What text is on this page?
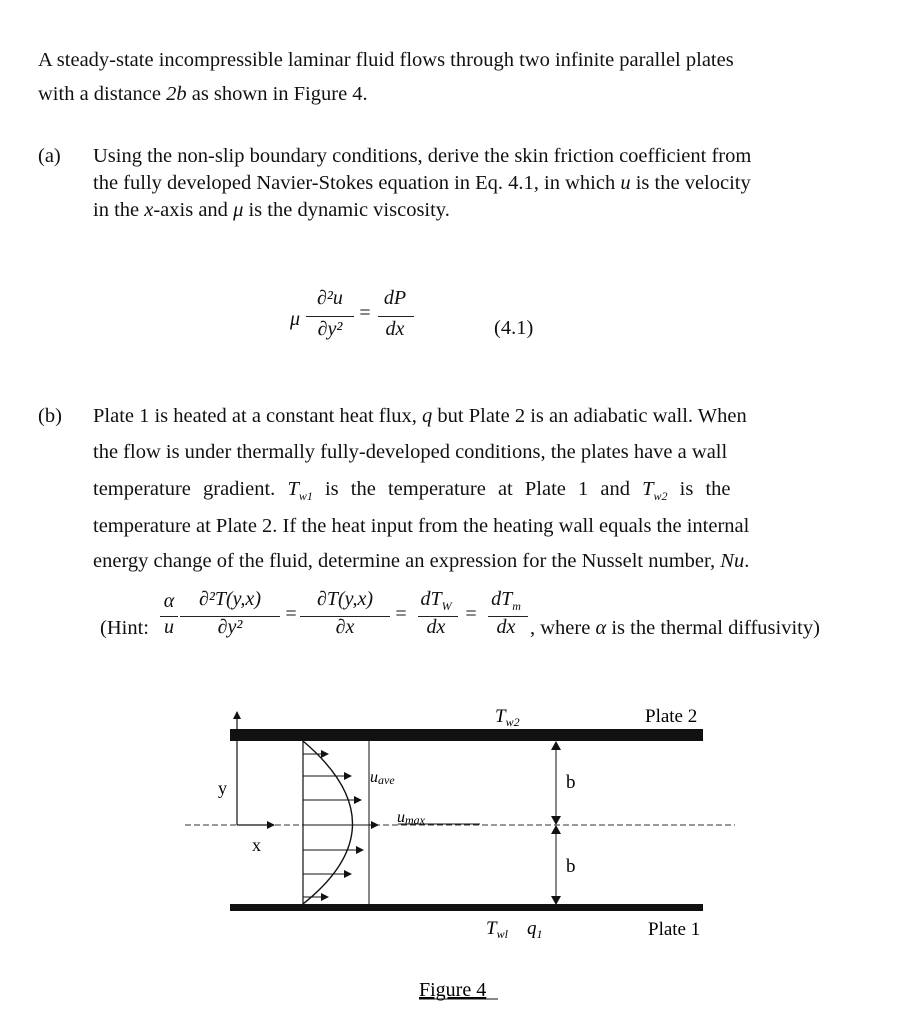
A steady-state incompressible laminar fluid flows through two infinite parallel plates
with a distance 2b as shown in Figure 4.
(a) Using the non-slip boundary conditions, derive the skin friction coefficient from
the fully developed Navier-Stokes equation in Eq. 4.1, in which u is the velocity
in the x-axis and μ is the dynamic viscosity.
μ
∂²u
∂y²
=
dP
dx	(4.1)
(b) Plate 1 is heated at a constant heat flux, q but Plate 2 is an adiabatic wall. When
the flow is under thermally fully-developed conditions, the plates have a wall
temperature gradient. $T_{w1}$ is the temperature at Plate 1 and $T_{w2}$ is the
temperature at Plate 2. If the heat input from the heating wall equals the internal
energy change of the fluid, determine an expression for the Nusselt number, Nu.
(Hint:
α
u
∂²T(y,x)
∂y²
=
∂T(y,x)
∂x
=
$dT_W$
dx
=
$dT_m$
dx , where α is the thermal diffusivity)
$T_{w2}$	Plate 2
uave
umax
y
x
b
b
$T_{wl}$ $q_1$	Plate 1
Figure 4
